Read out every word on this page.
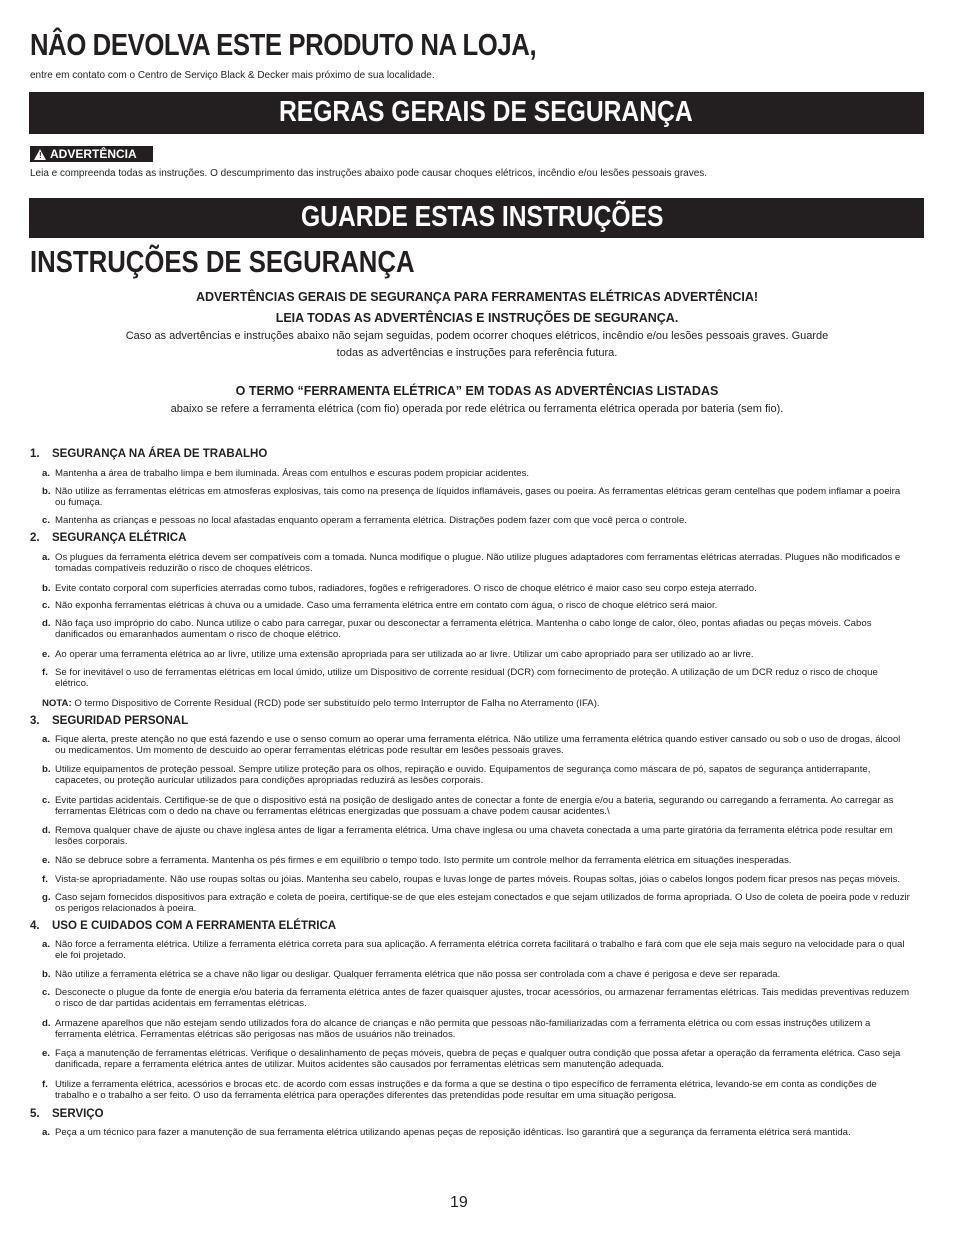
NÂO DEVOLVA ESTE PRODUTO NA LOJA,
entre em contato com o Centro de Serviço Black & Decker mais próximo de sua localidade.
REGRAS GERAIS DE SEGURANÇA
! ADVERTÊNCIA
Leia e compreenda todas as instruções. O descumprimento das instruções abaixo pode causar choques elétricos, incêndio e/ou lesões pessoais graves.
GUARDE ESTAS INSTRUÇÕES
INSTRUÇÕES DE SEGURANÇA
ADVERTÊNCIAS GERAIS DE SEGURANÇA PARA FERRAMENTAS ELÉTRICAS ADVERTÊNCIA!
LEIA TODAS AS ADVERTÊNCIAS E INSTRUÇÕES DE SEGURANÇA.
Caso as advertências e instruções abaixo não sejam seguidas, podem ocorrer choques elétricos, incêndio e/ou lesões pessoais graves. Guarde
todas as advertências e instruções para referência futura.
O TERMO “FERRAMENTA ELÉTRICA” EM TODAS AS ADVERTÊNCIAS LISTADAS
abaixo se refere a ferramenta elétrica (com fio) operada por rede elétrica ou ferramenta elétrica operada por bateria (sem fio).
1. SEGURANÇA NA ÁREA DE TRABALHO
a. Mantenha a área de trabalho limpa e bem iluminada. Áreas com entulhos e escuras podem propiciar acidentes.
b. Não utilize as ferramentas elétricas em atmosferas explosivas, tais como na presença de líquidos inflamáveis, gases ou poeira. As ferramentas elétricas geram centelhas que podem inflamar a poeira ou fumaça.
c. Mantenha as crianças e pessoas no local afastadas enquanto operam a ferramenta elétrica. Distrações podem fazer com que você perca o controle.
2. SEGURANÇA ELÉTRICA
a. Os plugues da ferramenta elétrica devem ser compatíveis com a tomada. Nunca modifique o plugue. Não utilize plugues adaptadores com ferramentas elétricas aterradas. Plugues não modificados e tomadas compatíveis reduzirão o risco de choques elétricos.
b. Evite contato corporal com superfícies aterradas como tubos, radiadores, fogões e refrigeradores. O risco de choque elétrico é maior caso seu corpo esteja aterrado.
c. Não exponha ferramentas elétricas à chuva ou a umidade. Caso uma ferramenta elétrica entre em contato com água, o risco de choque elétrico será maior.
d. Não faça uso impróprio do cabo. Nunca utilize o cabo para carregar, puxar ou desconectar a ferramenta elétrica. Mantenha o cabo longe de calor, óleo, pontas afiadas ou peças móveis. Cabos danificados ou emaranhados aumentam o risco de choque elétrico.
e. Ao operar uma ferramenta elétrica ao ar livre, utilize uma extensão apropriada para ser utilizada ao ar livre. Utilizar um cabo apropriado para ser utilizado ao ar livre.
f. Se for inevitável o uso de ferramentas elétricas em local úmido, utilize um Dispositivo de corrente residual (DCR) com fornecimento de proteção. A utilização de um DCR reduz o risco de choque elétrico.
NOTA: O termo Dispositivo de Corrente Residual (RCD) pode ser substituído pelo termo Interruptor de Falha no Aterramento (IFA).
3. SEGURIDAD PERSONAL
a. Fique alerta, preste atenção no que está fazendo e use o senso comum ao operar uma ferramenta elétrica. Não utilize uma ferramenta elétrica quando estiver cansado ou sob o uso de drogas, álcool ou medicamentos. Um momento de descuido ao operar ferramentas elétricas pode resultar em lesões pessoais graves.
b. Utilize equipamentos de proteção pessoal. Sempre utilize proteção para os olhos, repiração e ouvido. Equipamentos de segurança como máscara de pó, sapatos de segurança antiderrapante, capacetes, ou proteção auricular utilizados para condições apropriadas reduzirá as lesões corporais.
c. Evite partidas acidentais. Certifique-se de que o dispositivo está na posição de desligado antes de conectar a fonte de energia e/ou a bateria, segurando ou carregando a ferramenta. Ao carregar as ferramentas Elétricas com o dedo na chave ou ferramentas elétricas energizadas que possuam a chave podem causar acidentes.\
d. Remova qualquer chave de ajuste ou chave inglesa antes de ligar a ferramenta elétrica. Uma chave inglesa ou uma chaveta conectada a uma parte giratória da ferramenta elétrica pode resultar em lesões corporais.
e. Não se debruce sobre a ferramenta. Mantenha os pés firmes e em equilíbrio o tempo todo. Isto permite um controle melhor da ferramenta elétrica em situações inesperadas.
f. Vista-se apropriadamente. Não use roupas soltas ou jóias. Mantenha seu cabelo, roupas e luvas longe de partes móveis. Roupas soltas, jóias o cabelos longos podem ficar presos nas peças móveis.
g. Caso sejam fornecidos dispositivos para extração e coleta de poeira, certifique-se de que eles estejam conectados e que sejam utilizados de forma apropriada. O Uso de coleta de poeira pode v reduzir os perigos relacionados à poeira.
4. USO E CUIDADOS COM A FERRAMENTA ELÉTRICA
a. Não force a ferramenta elétrica. Utilize a ferramenta elétrica correta para sua aplicação. A ferramenta elétrica correta facilitará o trabalho e fará com que ele seja mais seguro na velocidade para o qual ele foi projetado.
b. Não utilize a ferramenta elétrica se a chave não ligar ou desligar. Qualquer ferramenta elétrica que não possa ser controlada com a chave é perigosa e deve ser reparada.
c. Desconecte o plugue da fonte de energia e/ou bateria da ferramenta elétrica antes de fazer quaisquer ajustes, trocar acessórios, ou armazenar ferramentas elétricas. Tais medidas preventivas reduzem o risco de dar partidas acidentais em ferramentas elétricas.
d. Armazene aparelhos que não estejam sendo utilizados fora do alcance de crianças e não permita que pessoas não-familiarizadas com a ferramenta elétrica ou com essas instruções utilizem a ferramenta elétrica. Ferramentas elétricas são perigosas nas mãos de usuários não treinados.
e. Faça a manutenção de ferramentas elétricas. Verifique o desalinhamento de peças móveis, quebra de peças e qualquer outra condição que possa afetar a operação da ferramenta elétrica. Caso seja danificada, repare a ferramenta elétrica antes de utilizar. Muitos acidentes são causados por ferramentas elétricas sem manutenção adequada.
f. Utilize a ferramenta elétrica, acessórios e brocas etc. de acordo com essas instruções e da forma a que se destina o tipo específico de ferramenta elétrica, levando-se em conta as condições de trabalho e o trabalho a ser feito. O uso da ferramenta elétrica para operações diferentes das pretendidas pode resultar em uma situação perigosa.
5. SERVIÇO
a. Peça a um técnico para fazer a manutenção de sua ferramenta elétrica utilizando apenas peças de reposição idênticas. Iso garantirá que a segurança da ferramenta elétrica será mantida.
19
